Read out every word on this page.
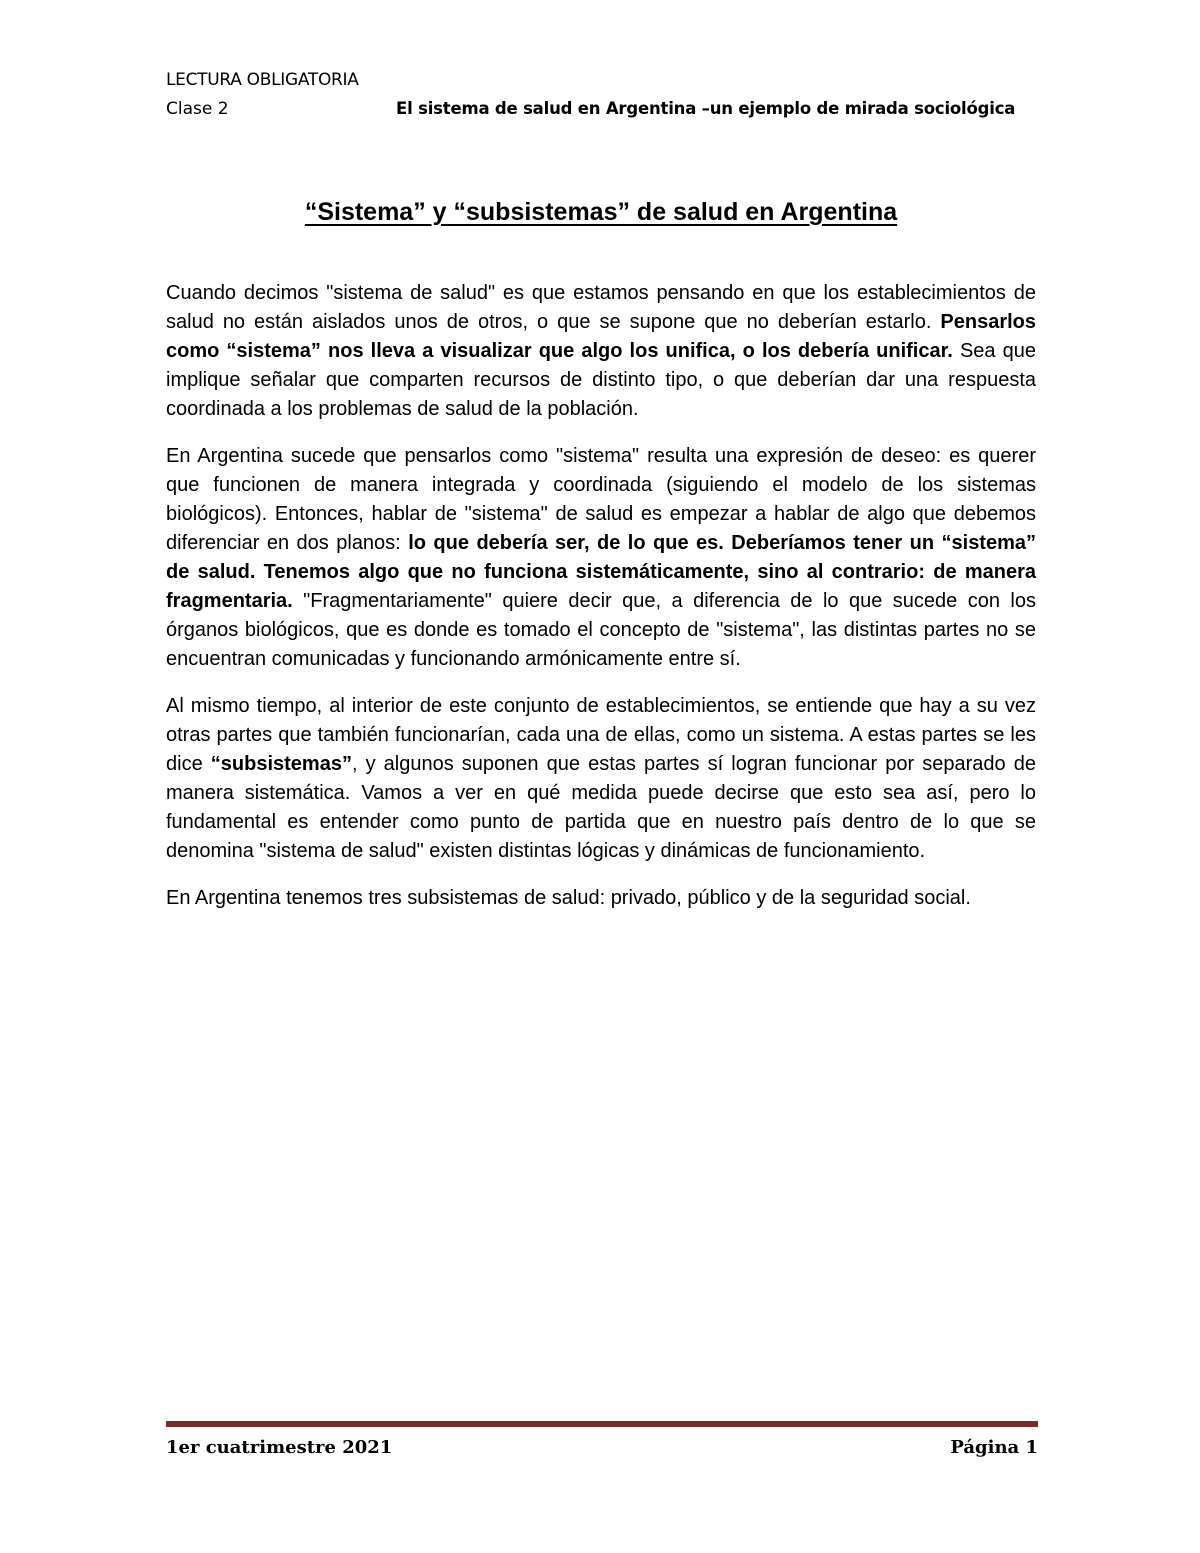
LECTURA OBLIGATORIA
Clase 2	El sistema de salud en Argentina –un ejemplo de mirada sociológica
“Sistema” y “subsistemas” de salud en Argentina

Cuando decimos "sistema de salud" es que estamos pensando en que los establecimientos de salud no están aislados unos de otros, o que se supone que no deberían estarlo. Pensarlos como “sistema” nos lleva a visualizar que algo los unifica, o los debería unificar. Sea que implique señalar que comparten recursos de distinto tipo, o que deberían dar una respuesta coordinada a los problemas de salud de la población.

En Argentina sucede que pensarlos como "sistema" resulta una expresión de deseo: es querer que funcionen de manera integrada y coordinada (siguiendo el modelo de los sistemas biológicos). Entonces, hablar de "sistema" de salud es empezar a hablar de algo que debemos diferenciar en dos planos: lo que debería ser, de lo que es. Deberíamos tener un “sistema” de salud. Tenemos algo que no funciona sistemáticamente, sino al contrario: de manera fragmentaria. "Fragmentariamente" quiere decir que, a diferencia de lo que sucede con los órganos biológicos, que es donde es tomado el concepto de "sistema", las distintas partes no se encuentran comunicadas y funcionando armónicamente entre sí.

Al mismo tiempo, al interior de este conjunto de establecimientos, se entiende que hay a su vez otras partes que también funcionarían, cada una de ellas, como un sistema. A estas partes se les dice “subsistemas”, y algunos suponen que estas partes sí logran funcionar por separado de manera sistemática. Vamos a ver en qué medida puede decirse que esto sea así, pero lo fundamental es entender como punto de partida que en nuestro país dentro de lo que se denomina "sistema de salud" existen distintas lógicas y dinámicas de funcionamiento.

En Argentina tenemos tres subsistemas de salud: privado, público y de la seguridad social.

1er cuatrimestre 2021	Página 1
